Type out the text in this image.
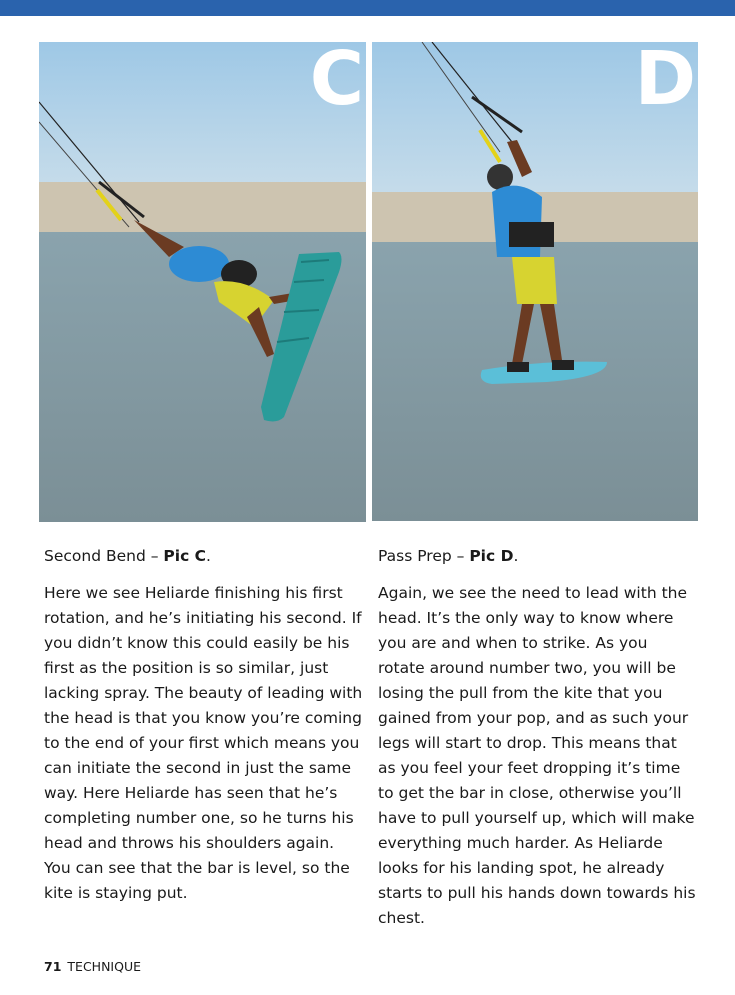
C	D

Second Bend – Pic C.

Here we see Heliarde finishing his first rotation, and he’s initiating his second. If you didn’t know this could easily be his first as the position is so similar, just lacking spray. The beauty of leading with the head is that you know you’re coming to the end of your first which means you can initiate the second in just the same way. Here Heliarde has seen that he’s completing number one, so he turns his head and throws his shoulders again. You can see that the bar is level, so the kite is staying put.

Pass Prep – Pic D.

Again, we see the need to lead with the head. It’s the only way to know where you are and when to strike. As you rotate around number two, you will be losing the pull from the kite that you gained from your pop, and as such your legs will start to drop. This means that as you feel your feet dropping it’s time to get the bar in close, otherwise you’ll have to pull yourself up, which will make everything much harder. As Heliarde looks for his landing spot, he already starts to pull his hands down towards his chest.

71 TECHNIQUE
